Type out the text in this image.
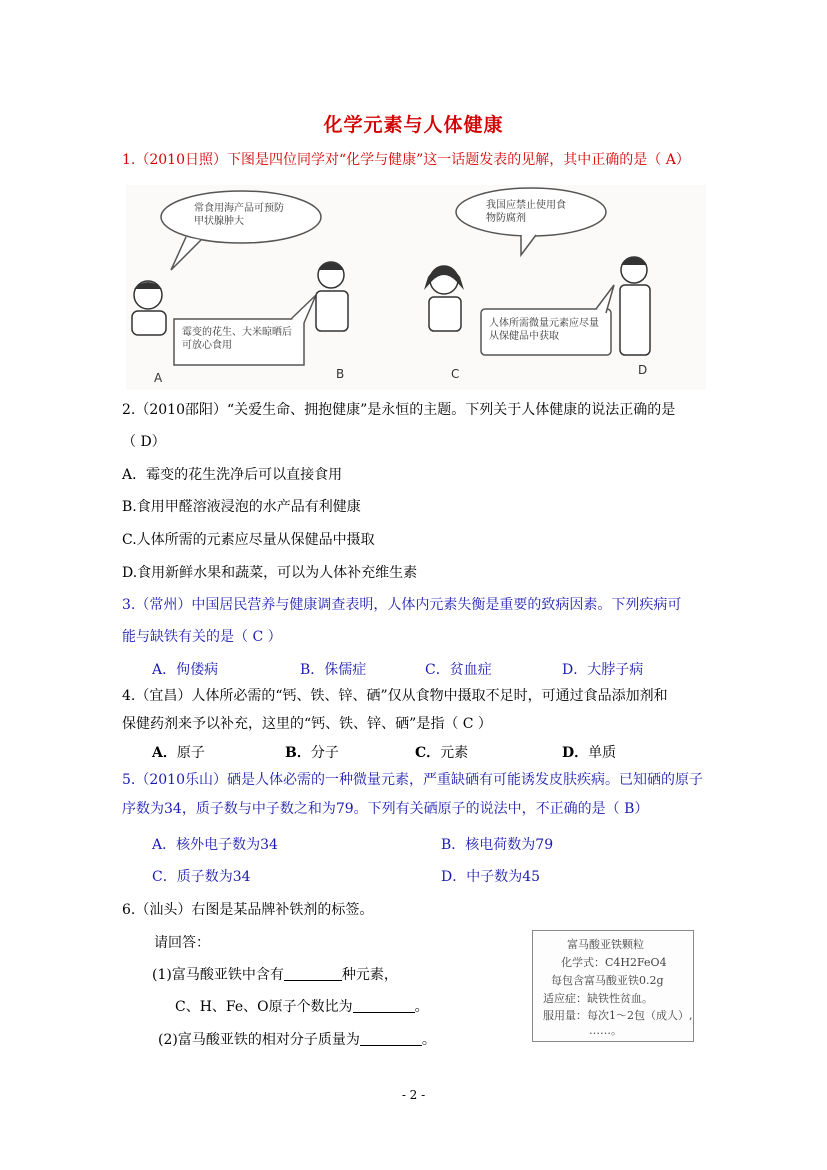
化学元素与人体健康
1.（2010日照）下图是四位同学对“化学与健康”这一话题发表的见解，其中正确的是（ A）
常食用海产品可预防甲状腺肿大
霉变的花生、大米晾晒后可放心食用
我国应禁止使用食物防腐剂
人体所需微量元素应尽量从保健品中获取
A	B	C	D
2.（2010邵阳）“关爱生命、拥抱健康”是永恒的主题。下列关于人体健康的说法正确的是
（ D）
A．霉变的花生洗净后可以直接食用
B.食用甲醛溶液浸泡的水产品有利健康
C.人体所需的元素应尽量从保健品中摄取
D.食用新鲜水果和蔬菜，可以为人体补充维生素
3.（常州）中国居民营养与健康调查表明，人体内元素失衡是重要的致病因素。下列疾病可
能与缺铁有关的是（ C ）
A．佝偻病	B．侏儒症	C．贫血症	D．大脖子病
4.（宜昌）人体所必需的“钙、铁、锌、硒”仅从食物中摄取不足时，可通过食品添加剂和
保健药剂来予以补充，这里的“钙、铁、锌、硒”是指（ C ）
A．原子	B．分子	C．元素	D．单质
5.（2010乐山）硒是人体必需的一种微量元素，严重缺硒有可能诱发皮肤疾病。已知硒的原子
序数为34，质子数与中子数之和为79。下列有关硒原子的说法中，不正确的是（ B）
A．核外电子数为34	B．核电荷数为79
C．质子数为34	D．中子数为45
6.（汕头）右图是某品牌补铁剂的标签。
请回答：
(1)富马酸亚铁中含有	种元素，
C、H、Fe、O原子个数比为	。
(2)富马酸亚铁的相对分子质量为	。
富马酸亚铁颗粒
化学式：C4H2FeO4
每包含富马酸亚铁0.2g
适应症：缺铁性贫血。
服用量：每次1～2包（成人）,
……。
- 2 -
